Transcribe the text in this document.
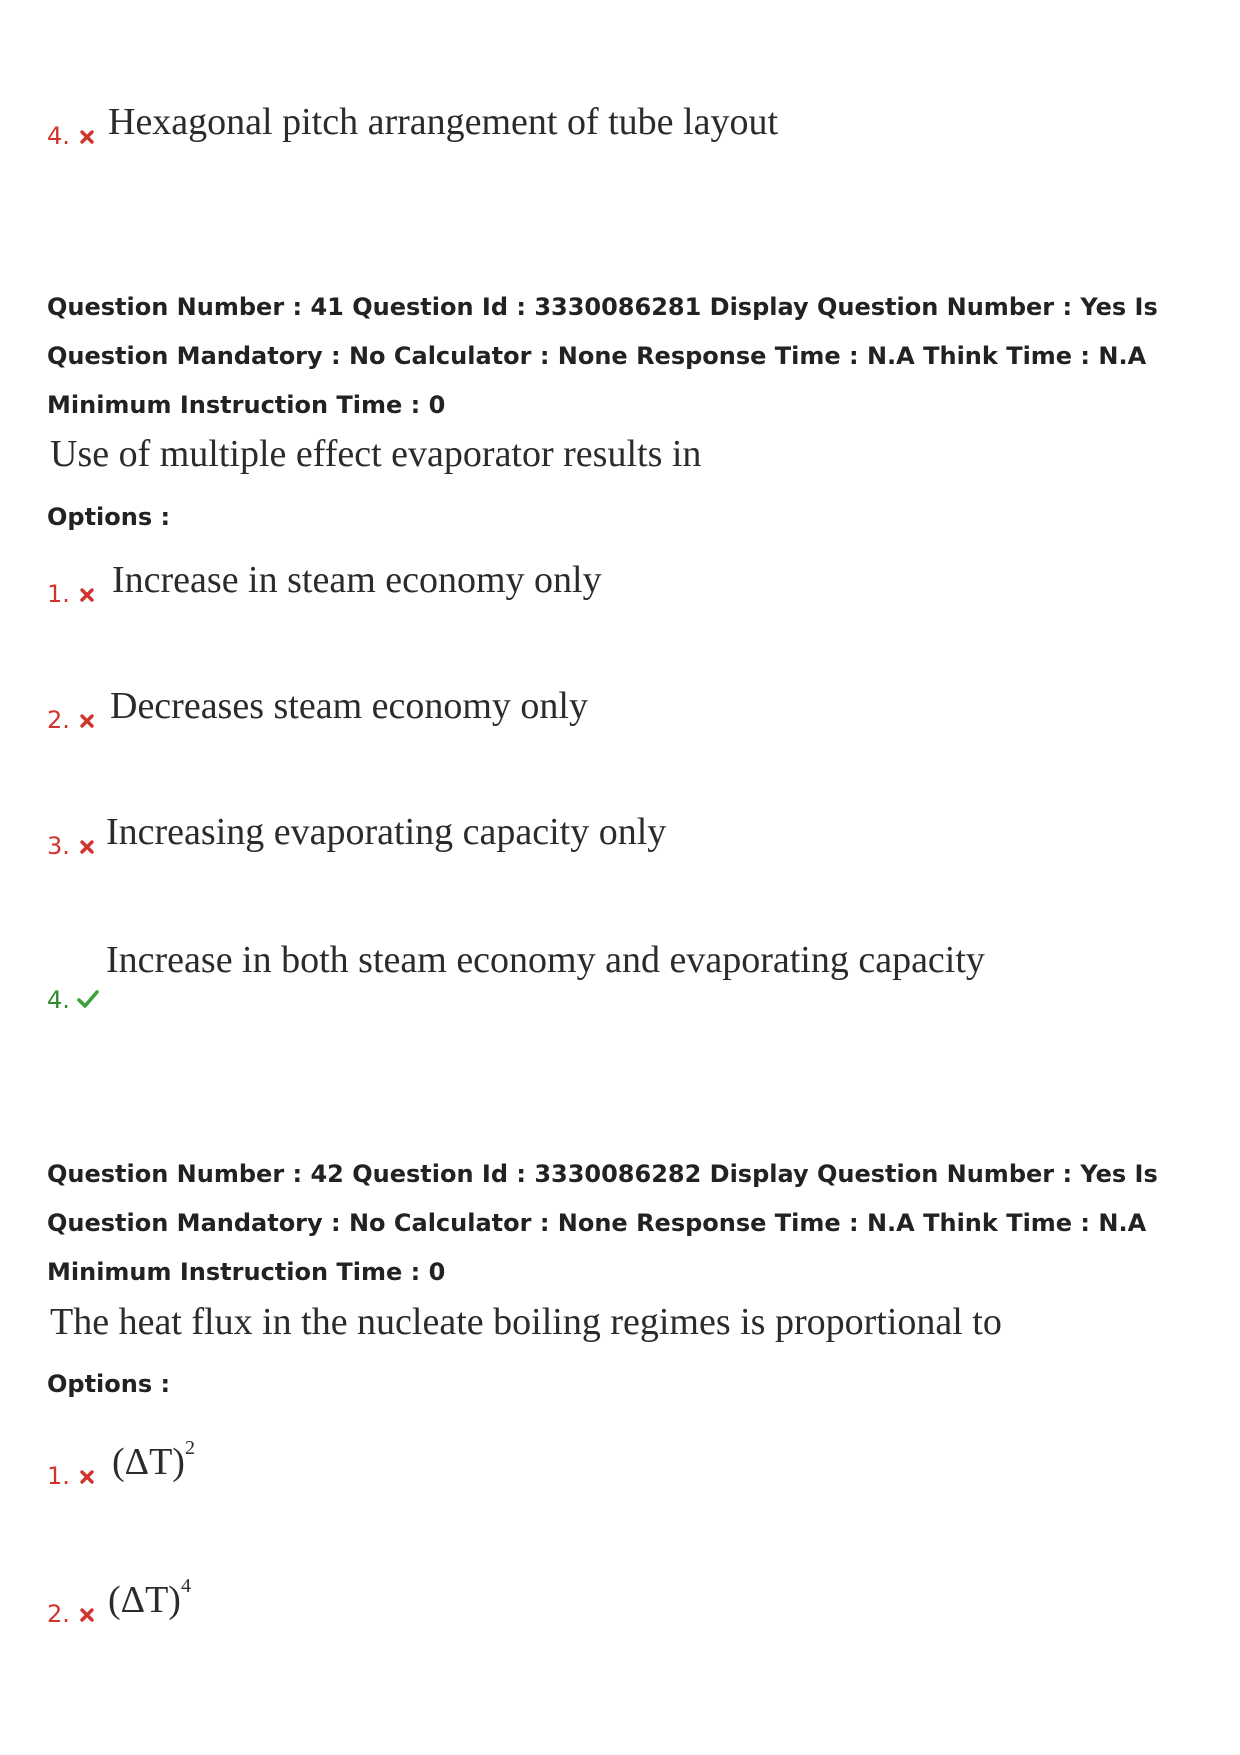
4. Hexagonal pitch arrangement of tube layout
Question Number : 41 Question Id : 3330086281 Display Question Number : Yes Is Question Mandatory : No Calculator : None Response Time : N.A Think Time : N.A Minimum Instruction Time : 0
Use of multiple effect evaporator results in
Options :
1. Increase in steam economy only
2. Decreases steam economy only
3. Increasing evaporating capacity only
4.
Increase in both steam economy and evaporating capacity
Question Number : 42 Question Id : 3330086282 Display Question Number : Yes Is Question Mandatory : No Calculator : None Response Time : N.A Think Time : N.A Minimum Instruction Time : 0
The heat flux in the nucleate boiling regimes is proportional to
Options :
1. $(\Delta T)^2$
2. $(\Delta T)^4$
